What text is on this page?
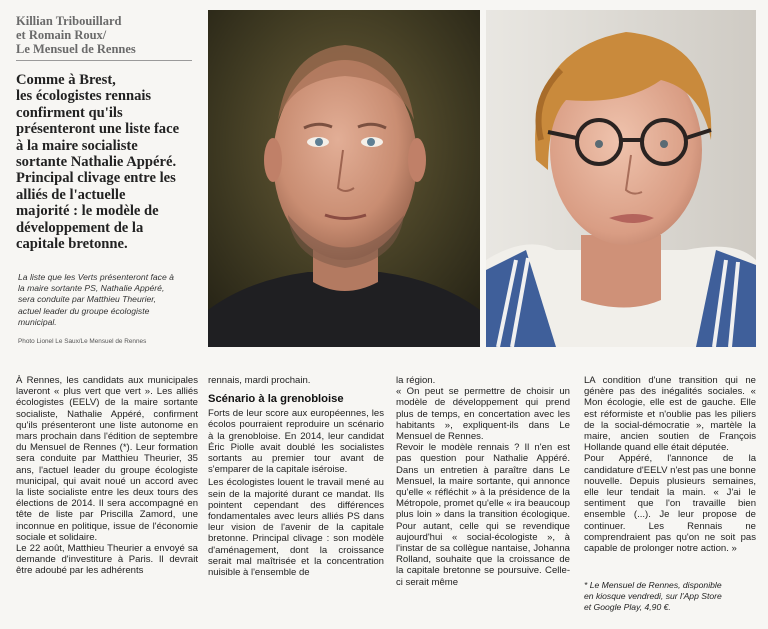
Killian Tribouillard
et Romain Roux/
Le Mensuel de Rennes
Comme à Brest,
les écologistes rennais
confirment qu'ils
présenteront une liste face
à la maire socialiste
sortante Nathalie Appéré.
Principal clivage entre les
alliés de l'actuelle
majorité : le modèle de
développement de la
capitale bretonne.
La liste que les Verts présenteront face à
la maire sortante PS, Nathalie Appéré,
sera conduite par Matthieu Theurier,
actuel leader du groupe écologiste
municipal.
Photo Lionel Le Saux/Le Mensuel de Rennes

À Rennes, les candidats aux municipales laveront « plus vert que vert ». Les alliés écologistes (EELV) de la maire sortante socialiste, Nathalie Appéré, confirment qu'ils présenteront une liste autonome en mars prochain dans l'édition de septembre du Mensuel de Rennes (*). Leur formation sera conduite par Matthieu Theurier, 35 ans, l'actuel leader du groupe écologiste municipal, qui avait noué un accord avec la liste socialiste entre les deux tours des élections de 2014. Il sera accompagné en tête de liste par Priscilla Zamord, une inconnue en politique, issue de l'économie sociale et solidaire.

Le 22 août, Matthieu Theurier a envoyé sa demande d'investiture à Paris. Il devrait être adoubé par les adhérents

rennais, mardi prochain.

Scénario à la grenobloise

Forts de leur score aux européennes, les écolos pourraient reproduire un scénario à la grenobloise. En 2014, leur candidat Éric Piolle avait doublé les socialistes sortants au premier tour avant de s'emparer de la capitale iséroise.

Les écologistes louent le travail mené au sein de la majorité durant ce mandat. Ils pointent cependant des différences fondamentales avec leurs alliés PS dans leur vision de l'avenir de la capitale bretonne. Principal clivage : son modèle d'aménagement, dont la croissance serait mal maîtrisée et la concentration nuisible à l'ensemble de

la région.

« On peut se permettre de choisir un modèle de développement qui prend plus de temps, en concertation avec les habitants », expliquent-ils dans Le Mensuel de Rennes.

Revoir le modèle rennais ? Il n'en est pas question pour Nathalie Appéré. Dans un entretien à paraître dans Le Mensuel, la maire sortante, qui annonce qu'elle « réfléchit » à la présidence de la Métropole, promet qu'elle « ira beaucoup plus loin » dans la transition écologique. Pour autant, celle qui se revendique aujourd'hui « social-écologiste », à l'instar de sa collègue nantaise, Johanna Rolland, souhaite que la croissance de la capitale bretonne se poursuive. Celle-ci serait même

LA condition d'une transition qui ne génère pas des inégalités sociales. « Mon écologie, elle est de gauche. Elle est réformiste et n'oublie pas les piliers de la social-démocratie », martèle la maire, ancien soutien de François Hollande quand elle était députée.

Pour Appéré, l'annonce de la candidature d'EELV n'est pas une bonne nouvelle. Depuis plusieurs semaines, elle leur tendait la main. « J'ai le sentiment que l'on travaille bien ensemble (...). Je leur propose de continuer. Les Rennais ne comprendraient pas qu'on ne soit pas capable de prolonger notre action. »

* Le Mensuel de Rennes, disponible
en kiosque vendredi, sur l'App Store
et Google Play, 4,90 €.
